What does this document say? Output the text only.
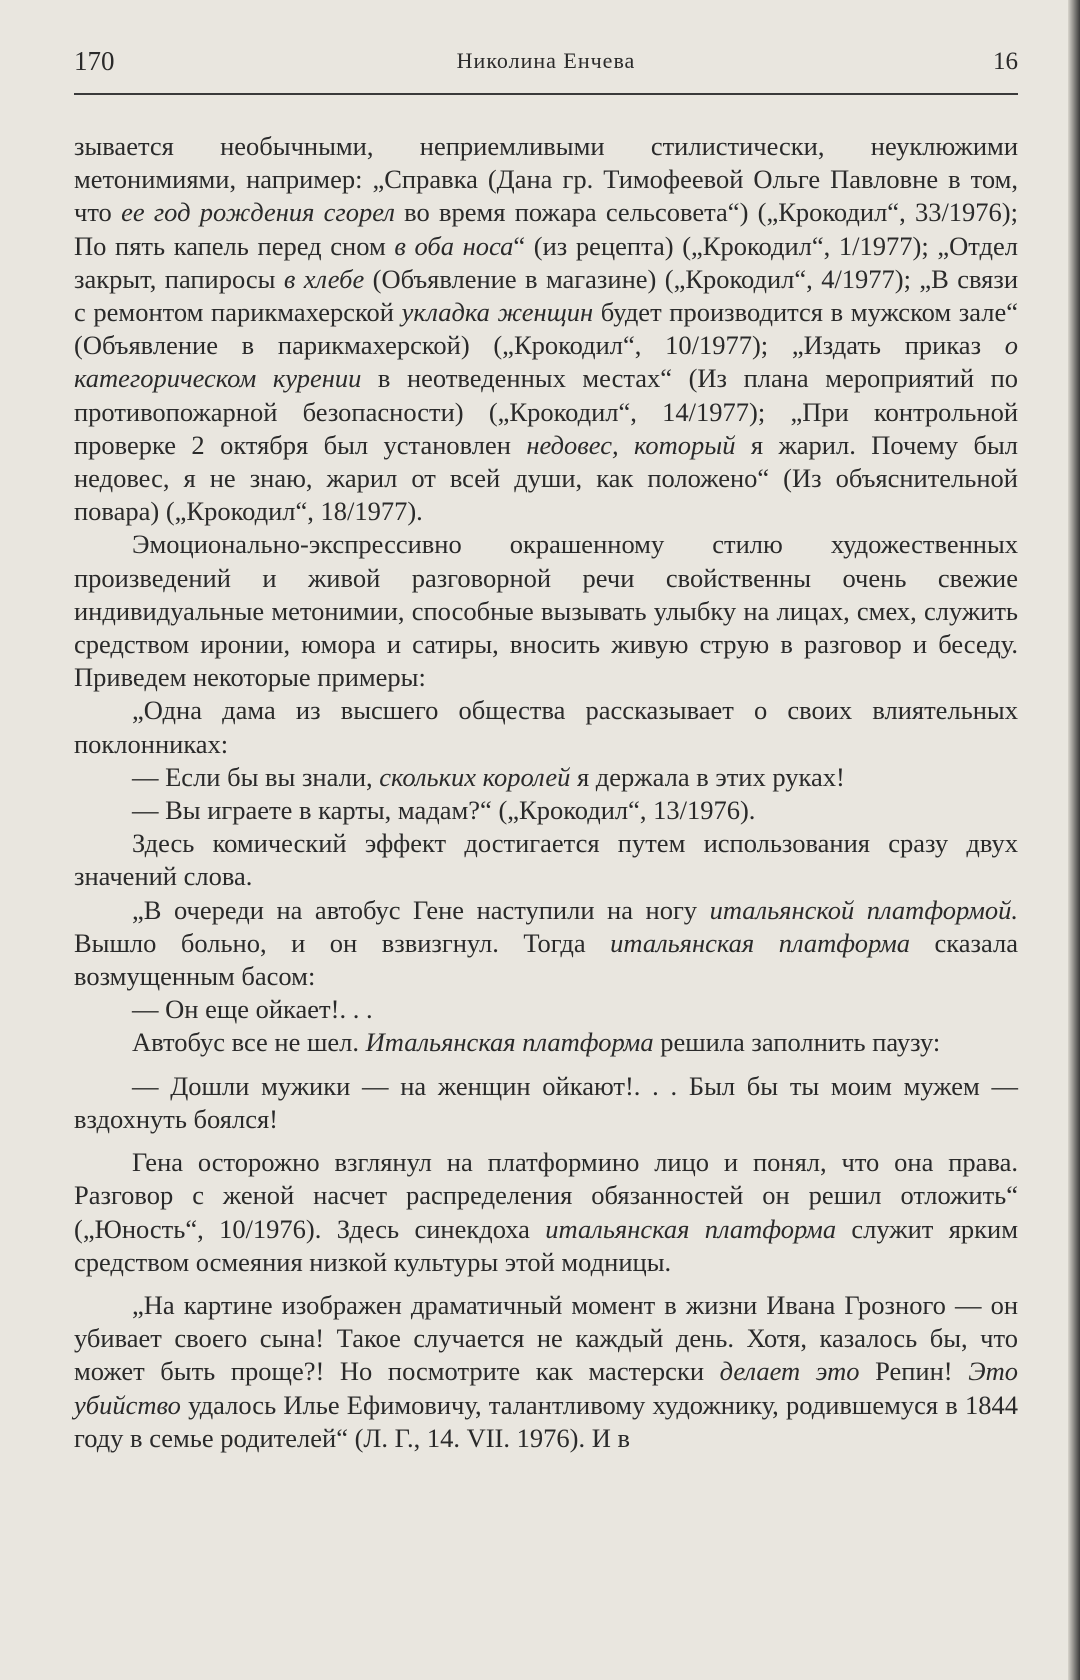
170	Николина Енчева	16

зывается необычными, неприемливыми стилистически, неуклюжими метонимиями, например: „Справка (Дана гр. Тимофеевой Ольге Павловне в том, что ее год рождения сгорел во время пожара сельсовета“) („Крокодил“, 33/1976); По пять капель перед сном в оба носа“ (из рецепта) („Крокодил“, 1/1977); „Отдел закрыт, папиросы в хлебе (Объявление в магазине) („Крокодил“, 4/1977); „В связи с ремонтом парикмахерской укладка женщин будет производится в мужском зале“ (Объявление в парикмахерской) („Крокодил“, 10/1977); „Издать приказ о категорическом курении в неотведенных местах“ (Из плана мероприятий по противопожарной безопасности) („Крокодил“, 14/1977); „При контрольной проверке 2 октября был установлен недовес, который я жарил. Почему был недовес, я не знаю, жарил от всей души, как положено“ (Из объяснительной повара) („Крокодил“, 18/1977).

Эмоционально-экспрессивно окрашенному стилю художественных произведений и живой разговорной речи свойственны очень свежие индивидуальные метонимии, способные вызывать улыбку на лицах, смех, служить средством иронии, юмора и сатиры, вносить живую струю в разговор и беседу. Приведем некоторые примеры:

„Одна дама из высшего общества рассказывает о своих влиятельных поклонниках:

— Если бы вы знали, скольких королей я держала в этих руках!

— Вы играете в карты, мадам?“ („Крокодил“, 13/1976).

Здесь комический эффект достигается путем использования сразу двух значений слова.

„В очереди на автобус Гене наступили на ногу итальянской платформой. Вышло больно, и он взвизгнул. Тогда итальянская платформа сказала возмущенным басом:

— Он еще ойкает!. . .

Автобус все не шел. Итальянская платформа решила заполнить паузу:

— Дошли мужики — на женщин ойкают!. . . Был бы ты моим мужем — вздохнуть боялся!

Гена осторожно взглянул на платформино лицо и понял, что она права. Разговор с женой насчет распределения обязанностей он решил отложить“ („Юность“, 10/1976). Здесь синекдоха итальянская платформа служит ярким средством осмеяния низкой культуры этой модницы.

„На картине изображен драматичный момент в жизни Ивана Грозного — он убивает своего сына! Такое случается не каждый день. Хотя, казалось бы, что может быть проще?! Но посмотрите как мастерски делает это Репин! Это убийство удалось Илье Ефимовичу, талантливому художнику, родившемуся в 1844 году в семье родителей“ (Л. Г., 14. VII. 1976). И в
